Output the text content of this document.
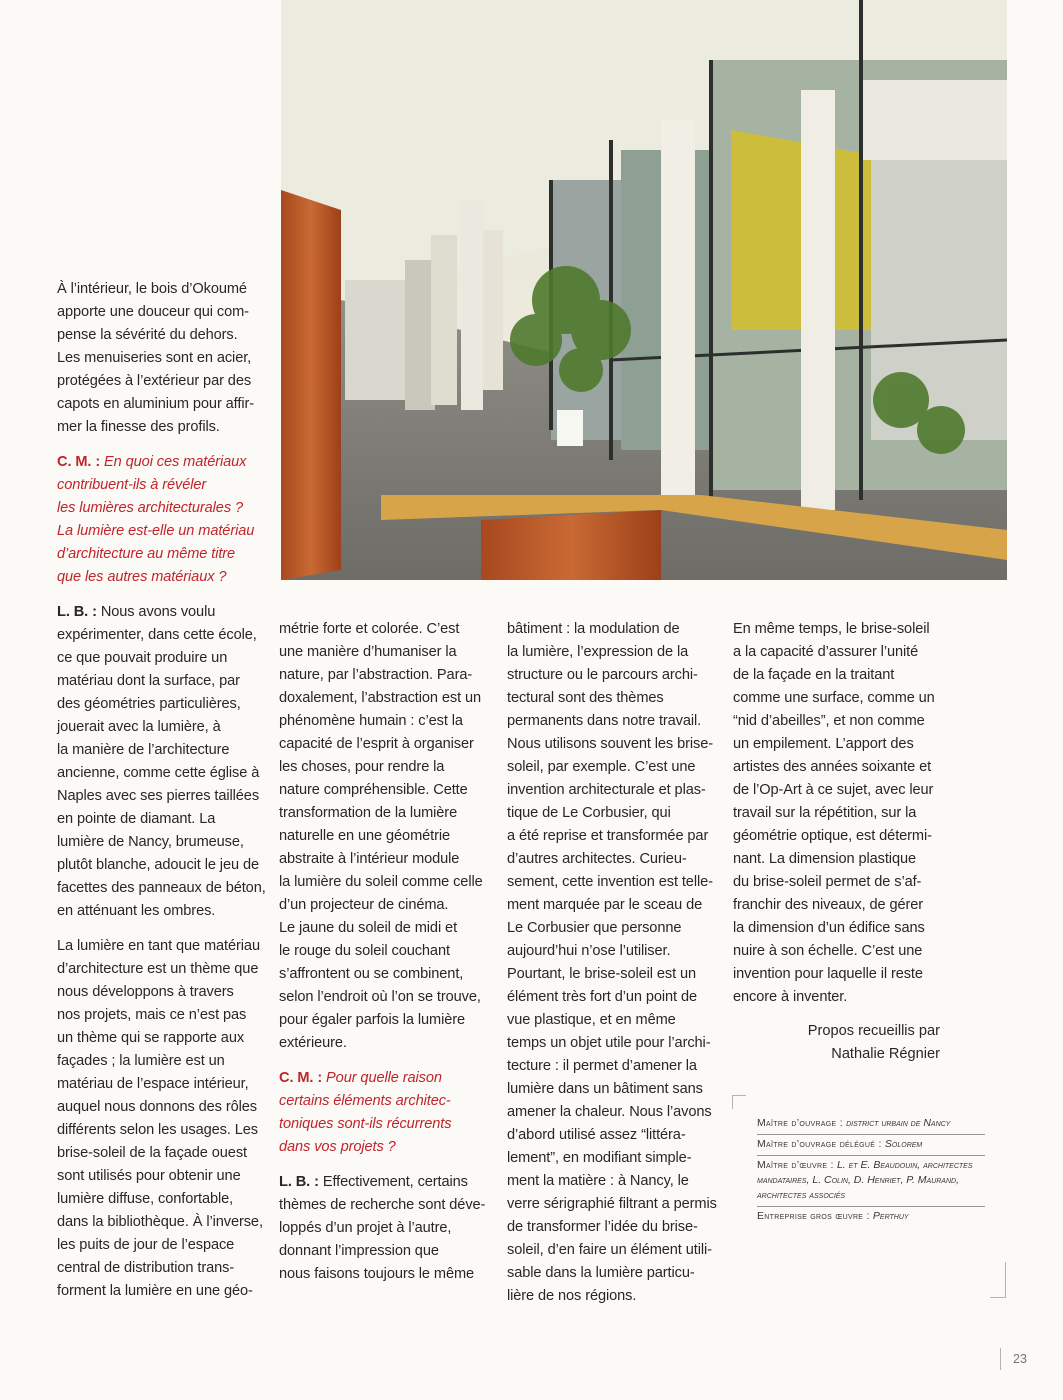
À l’intérieur, le bois d’Okoumé
apporte une douceur qui com-
pense la sévérité du dehors.
Les menuiseries sont en acier,
protégées à l’extérieur par des
capots en aluminium pour affir-
mer la finesse des profils.

C. M. : En quoi ces matériaux

contribuent-ils à révéler
les lumières architecturales ?
La lumière est-elle un matériau
d’architecture au même titre
que les autres matériaux ?

L. B. : Nous avons voulu

expérimenter, dans cette école,
ce que pouvait produire un
matériau dont la surface, par
des géométries particulières,
jouerait avec la lumière, à
la manière de l’architecture
ancienne, comme cette église à
Naples avec ses pierres taillées
en pointe de diamant. La
lumière de Nancy, brumeuse,
plutôt blanche, adoucit le jeu de
facettes des panneaux de béton,
en atténuant les ombres.

La lumière en tant que matériau
d’architecture est un thème que
nous développons à travers
nos projets, mais ce n’est pas
un thème qui se rapporte aux
façades ; la lumière est un
matériau de l’espace intérieur,
auquel nous donnons des rôles
différents selon les usages. Les
brise-soleil de la façade ouest
sont utilisés pour obtenir une
lumière diffuse, confortable,
dans la bibliothèque. À l’inverse,
les puits de jour de l’espace
central de distribution trans-
forment la lumière en une géo-

métrie forte et colorée. C’est
une manière d’humaniser la
nature, par l’abstraction. Para-
doxalement, l’abstraction est un
phénomène humain : c’est la
capacité de l’esprit à organiser
les choses, pour rendre la
nature compréhensible. Cette
transformation de la lumière
naturelle en une géométrie
abstraite à l’intérieur module
la lumière du soleil comme celle
d’un projecteur de cinéma.
Le jaune du soleil de midi et
le rouge du soleil couchant
s’affrontent ou se combinent,
selon l’endroit où l’on se trouve,
pour égaler parfois la lumière
extérieure.

C. M. : Pour quelle raison

certains éléments architec-
toniques sont-ils récurrents
dans vos projets ?

L. B. : Effectivement, certains

thèmes de recherche sont déve-
loppés d’un projet à l’autre,
donnant l’impression que
nous faisons toujours le même

bâtiment : la modulation de
la lumière, l’expression de la
structure ou le parcours archi-
tectural sont des thèmes
permanents dans notre travail.
Nous utilisons souvent les brise-
soleil, par exemple. C’est une
invention architecturale et plas-
tique de Le Corbusier, qui
a été reprise et transformée par
d’autres architectes. Curieu-
sement, cette invention est telle-
ment marquée par le sceau de
Le Corbusier que personne
aujourd’hui n’ose l’utiliser.
Pourtant, le brise-soleil est un
élément très fort d’un point de
vue plastique, et en même
temps un objet utile pour l’archi-
tecture : il permet d’amener la
lumière dans un bâtiment sans
amener la chaleur. Nous l’avons
d’abord utilisé assez “littéra-
lement”, en modifiant simple-
ment la matière : à Nancy, le
verre sérigraphié filtrant a permis
de transformer l’idée du brise-
soleil, d’en faire un élément utili-
sable dans la lumière particu-
lière de nos régions.

En même temps, le brise-soleil
a la capacité d’assurer l’unité
de la façade en la traitant
comme une surface, comme un
“nid d’abeilles”, et non comme
un empilement. L’apport des
artistes des années soixante et
de l’Op-Art à ce sujet, avec leur
travail sur la répétition, sur la
géométrie optique, est détermi-
nant. La dimension plastique
du brise-soleil permet de s’af-
franchir des niveaux, de gérer
la dimension d’un édifice sans
nuire à son échelle. C’est une
invention pour laquelle il reste
encore à inventer.

Propos recueillis par
Nathalie Régnier
Maître d’ouvrage : district urbain de Nancy
Maître d’ouvrage délégué : Solorem
Maître d’œuvre : L. et E. Beaudouin, architectes mandataires, L. Colin, D. Henriet, P. Maurand, architectes associés
Entreprise gros œuvre : Perthuy
23
